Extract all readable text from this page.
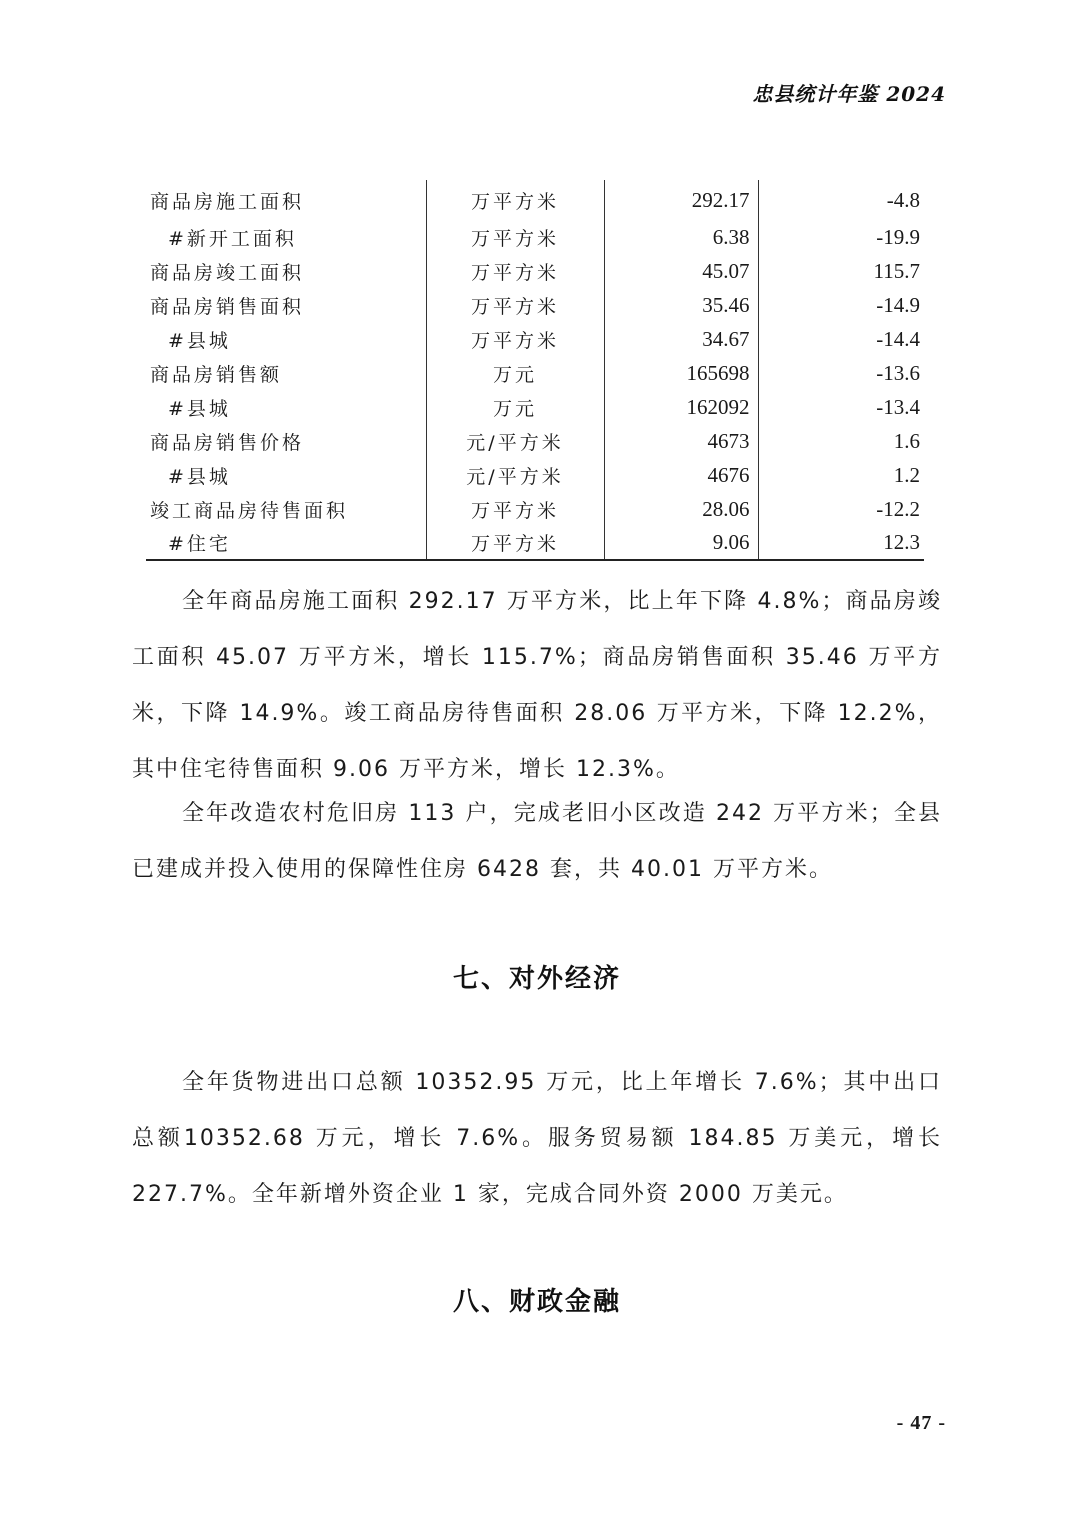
忠县统计年鉴 2024
商品房施工面积	万平方米	292.17	-4.8
#新开工面积	万平方米	6.38	-19.9
商品房竣工面积	万平方米	45.07	115.7
商品房销售面积	万平方米	35.46	-14.9
#县城	万平方米	34.67	-14.4
商品房销售额	万元	165698	-13.6
#县城	万元	162092	-13.4
商品房销售价格	元/平方米	4673	1.6
#县城	元/平方米	4676	1.2
竣工商品房待售面积	万平方米	28.06	-12.2
#住宅	万平方米	9.06	12.3

全年商品房施工面积 292.17 万平方米，比上年下降 4.8%；商品房竣工面积 45.07 万平方米，增长 115.7%；商品房销售面积 35.46 万平方米，下降 14.9%。竣工商品房待售面积 28.06 万平方米，下降 12.2%，其中住宅待售面积 9.06 万平方米，增长 12.3%。

全年改造农村危旧房 113 户，完成老旧小区改造 242 万平方米；全县已建成并投入使用的保障性住房 6428 套，共 40.01 万平方米。

七、对外经济

全年货物进出口总额 10352.95 万元，比上年增长 7.6%；其中出口总额10352.68 万元，增长 7.6%。服务贸易额 184.85 万美元，增长 227.7%。全年新增外资企业 1 家，完成合同外资 2000 万美元。

八、财政金融
- 47 -
